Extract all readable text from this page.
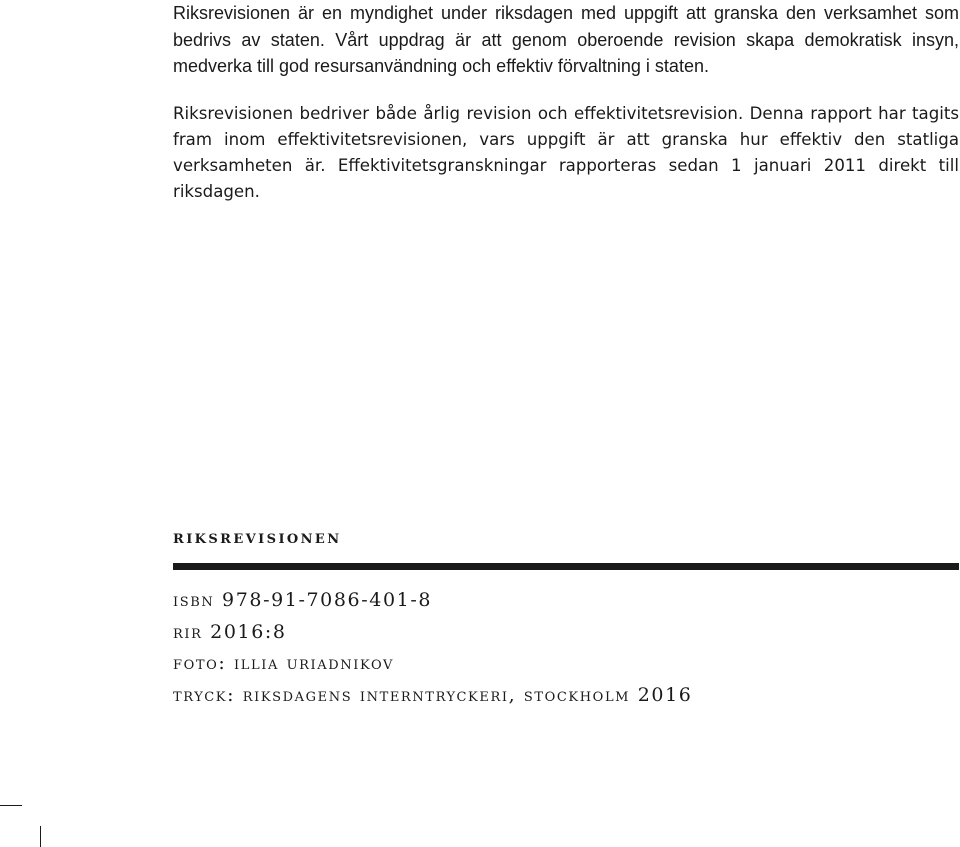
Riksrevisionen är en myndighet under riksdagen med uppgift att granska den verksamhet som bedrivs av staten. Vårt uppdrag är att genom oberoende revision skapa demokratisk insyn, medverka till god resursanvändning och effektiv förvaltning i staten.

Riksrevisionen bedriver både årlig revision och effektivitetsrevision. Denna rapport har tagits fram inom effektivitetsrevisionen, vars uppgift är att granska hur effektiv den statliga verksamheten är. Effektivitetsgranskningar rapporteras sedan 1 januari 2011 direkt till riksdagen.

riksrevisionen
isbn 978-91-7086-401-8
rir 2016:8
foto: illia uriadnikov
tryck: riksdagens interntryckeri, stockholm 2016
